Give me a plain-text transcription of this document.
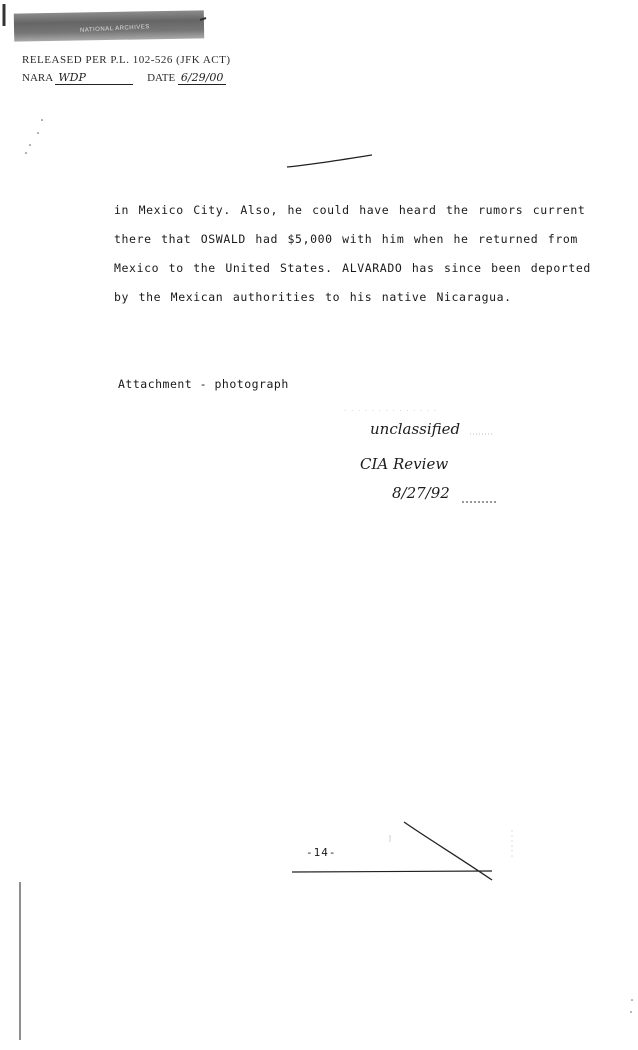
NATIONAL ARCHIVES
RELEASED PER P.L. 102-526 (JFK ACT)
NARA WDP	DATE 6/29/00
in Mexico City. Also, he could have heard the rumors current
there that OSWALD had $5,000 with him when he returned from
Mexico to the United States. ALVARADO has since been deported
by the Mexican authorities to his native Nicaragua.
Attachment - photograph
· · · · · · · · · · · · · ·
unclassified
CIA Review
8/27/92
-14-
